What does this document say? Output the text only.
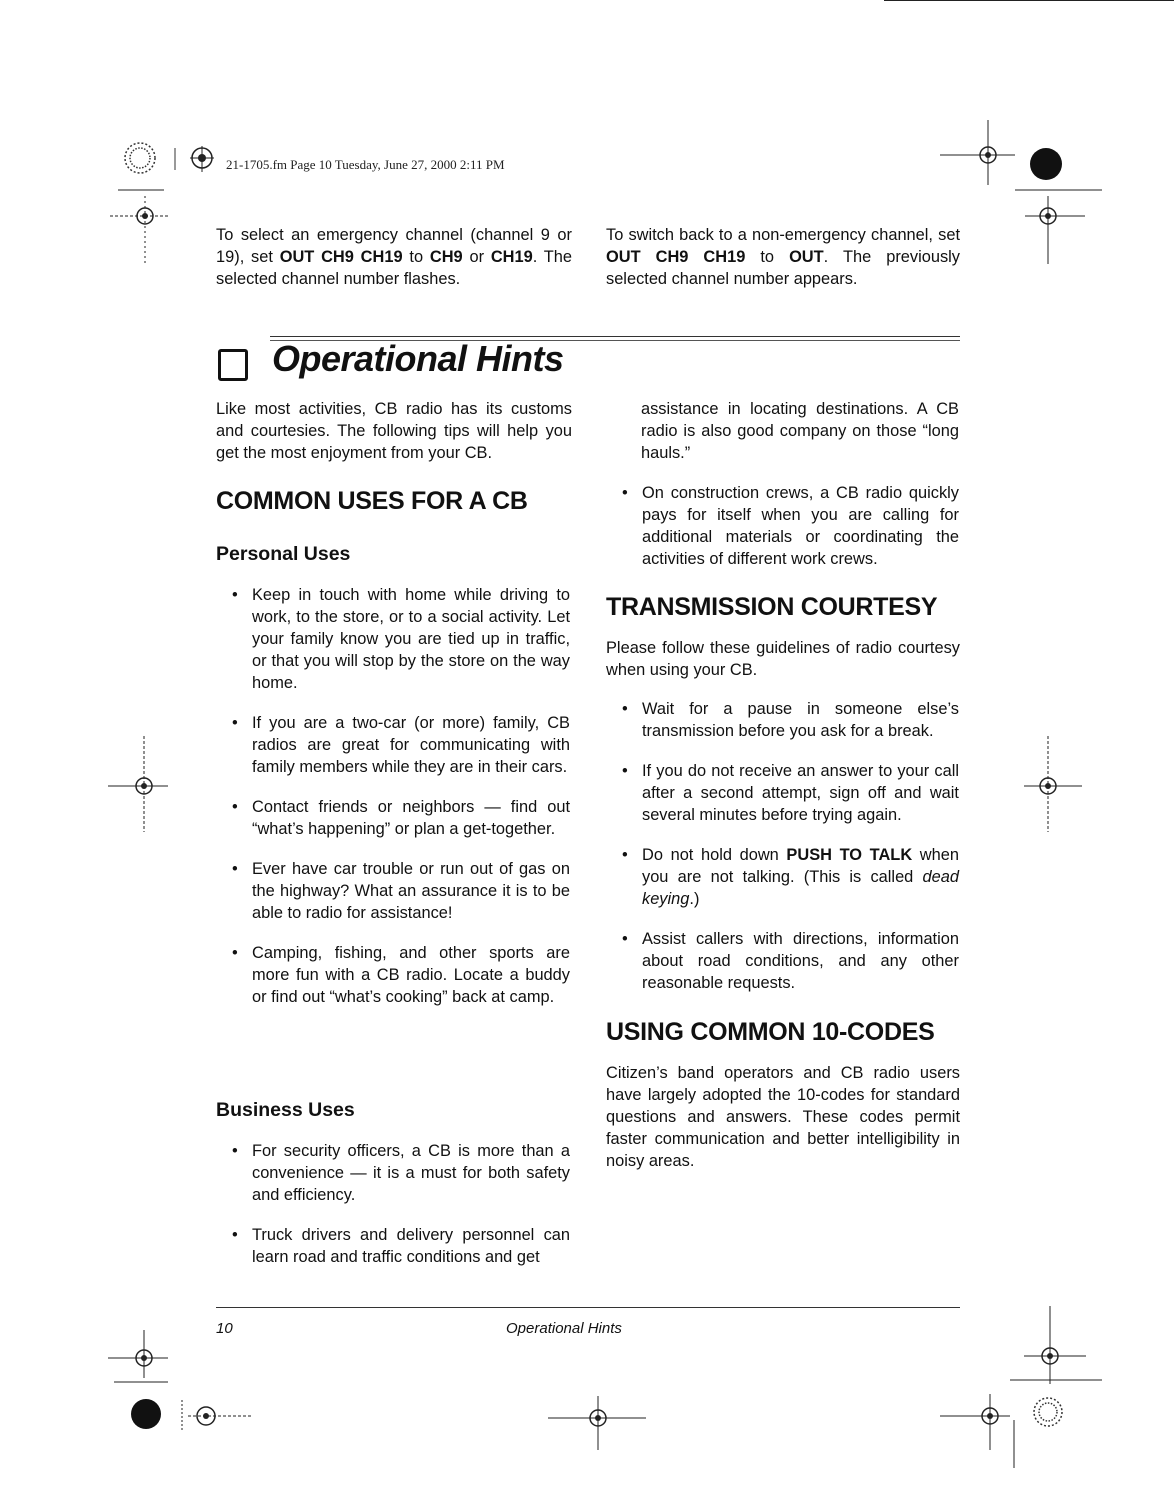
21-1705.fm Page 10 Tuesday, June 27, 2000 2:11 PM

To select an emergency channel (channel 9 or 19), set OUT CH9 CH19 to CH9 or CH19. The selected channel number flashes.

To switch back to a non-emergency channel, set OUT CH9 CH19 to OUT. The previously selected channel number appears.

Operational Hints

Like most activities, CB radio has its customs and courtesies. The following tips will help you get the most enjoyment from your CB.

COMMON USES FOR A CB
Personal Uses
• Keep in touch with home while driving to work, to the store, or to a social activity. Let your family know you are tied up in traffic, or that you will stop by the store on the way home.
• If you are a two-car (or more) family, CB radios are great for communicating with family members while they are in their cars.
• Contact friends or neighbors — find out “what’s happening” or plan a get-together.
• Ever have car trouble or run out of gas on the highway? What an assurance it is to be able to radio for assistance!
• Camping, fishing, and other sports are more fun with a CB radio. Locate a buddy or find out “what’s cooking” back at camp.
Business Uses
• For security officers, a CB is more than a convenience — it is a must for both safety and efficiency.
• Truck drivers and delivery personnel can learn road and traffic conditions and get

assistance in locating destinations. A CB radio is also good company on those “long hauls.”

• On construction crews, a CB radio quickly pays for itself when you are calling for additional materials or coordinating the activities of different work crews.
TRANSMISSION COURTESY

Please follow these guidelines of radio courtesy when using your CB.

• Wait for a pause in someone else’s transmission before you ask for a break.
• If you do not receive an answer to your call after a second attempt, sign off and wait several minutes before trying again.
• Do not hold down PUSH TO TALK when you are not talking. (This is called dead keying.)
• Assist callers with directions, information about road conditions, and any other reasonable requests.
USING COMMON 10-CODES

Citizen’s band operators and CB radio users have largely adopted the 10-codes for standard questions and answers. These codes permit faster communication and better intelligibility in noisy areas.

10	Operational Hints
